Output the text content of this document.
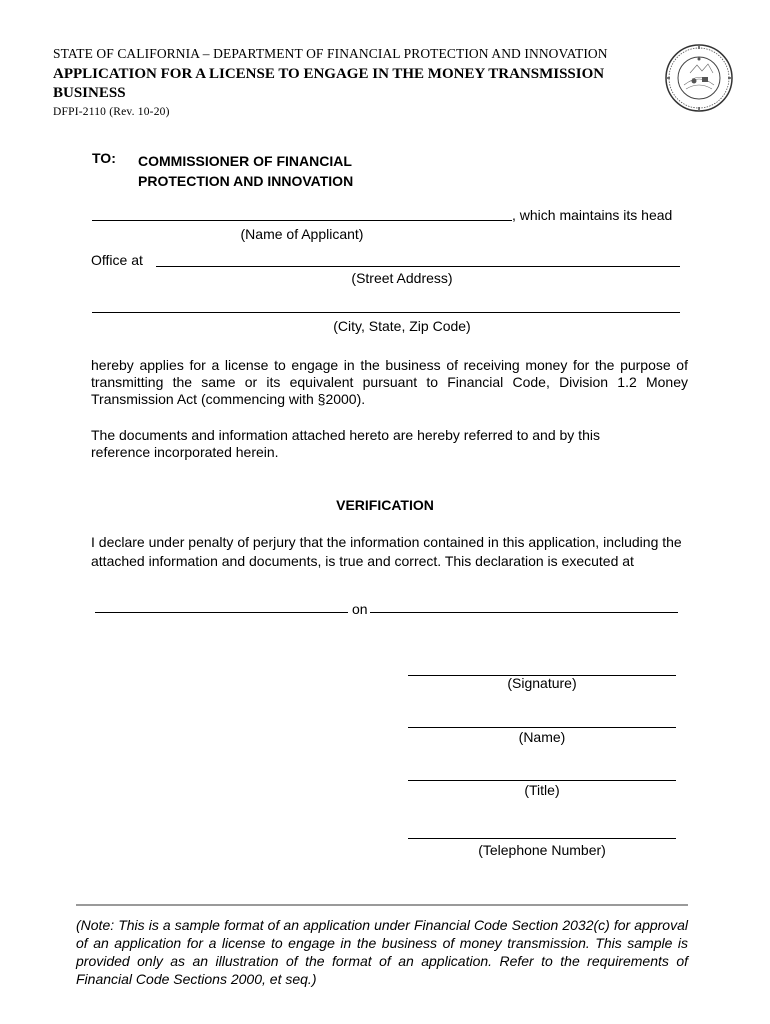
STATE OF CALIFORNIA – DEPARTMENT OF FINANCIAL PROTECTION AND INNOVATION
APPLICATION FOR A LICENSE TO ENGAGE IN THE MONEY TRANSMISSION BUSINESS
DFPI-2110 (Rev. 10-20)
TO: COMMISSIONER OF FINANCIAL
PROTECTION AND INNOVATION
, which maintains its head
(Name of Applicant)
Office at
(Street Address)
(City, State, Zip Code)
hereby applies for a license to engage in the business of receiving money for the purpose of transmitting the same or its equivalent pursuant to Financial Code, Division 1.2 Money Transmission Act (commencing with §2000).
The documents and information attached hereto are hereby referred to and by this reference incorporated herein.
VERIFICATION
I declare under penalty of perjury that the information contained in this application, including the attached information and documents, is true and correct. This declaration is executed at
on
(Signature)
(Name)
(Title)
(Telephone Number)
(Note: This is a sample format of an application under Financial Code Section 2032(c) for approval of an application for a license to engage in the business of money transmission. This sample is provided only as an illustration of the format of an application. Refer to the requirements of Financial Code Sections 2000, et seq.)
